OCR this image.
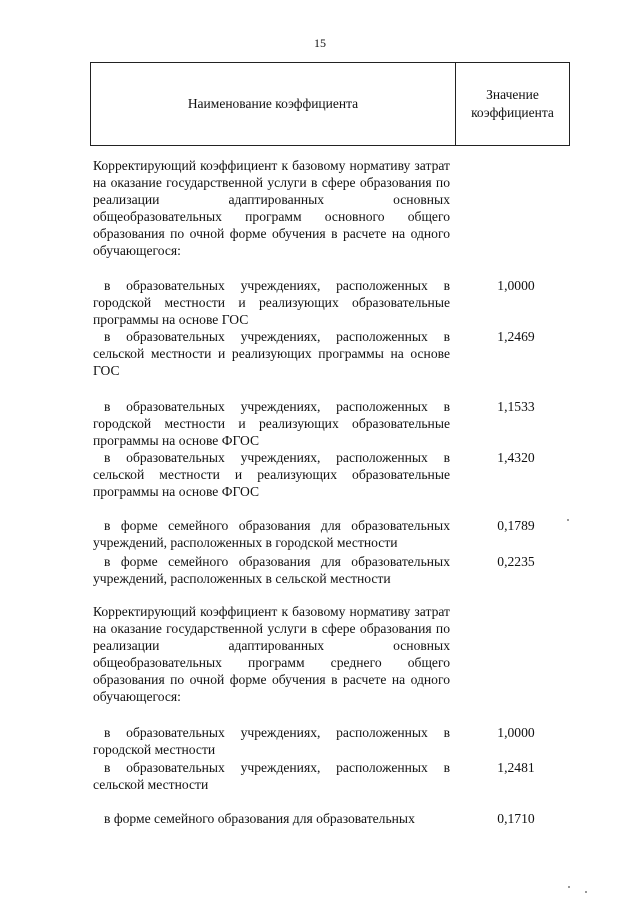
15
Наименование коэффициента
Значение
коэффициента
Корректирующий коэффициент к базовому нормативу затрат на оказание государственной услуги в сфере образования по реализации адаптированных основных общеобразовательных программ основного общего образования по очной форме обучения в расчете на одного обучающегося:
в образовательных учреждениях, расположенных в городской местности и реализующих образовательные программы на основе ГОС
1,0000
в образовательных учреждениях, расположенных в сельской местности и реализующих программы на основе ГОС
1,2469
в образовательных учреждениях, расположенных в городской местности и реализующих образовательные программы на основе ФГОС
1,1533
в образовательных учреждениях, расположенных в сельской местности и реализующих образовательные программы на основе ФГОС
1,4320
в форме семейного образования для образовательных учреждений, расположенных в городской местности
0,1789
в форме семейного образования для образовательных учреждений, расположенных в сельской местности
0,2235
Корректирующий коэффициент к базовому нормативу затрат на оказание государственной услуги в сфере образования по реализации адаптированных основных общеобразовательных программ среднего общего образования по очной форме обучения в расчете на одного обучающегося:
в образовательных учреждениях, расположенных в городской местности
1,0000
в образовательных учреждениях, расположенных в сельской местности
1,2481
в форме семейного образования для образовательных	0,1710
